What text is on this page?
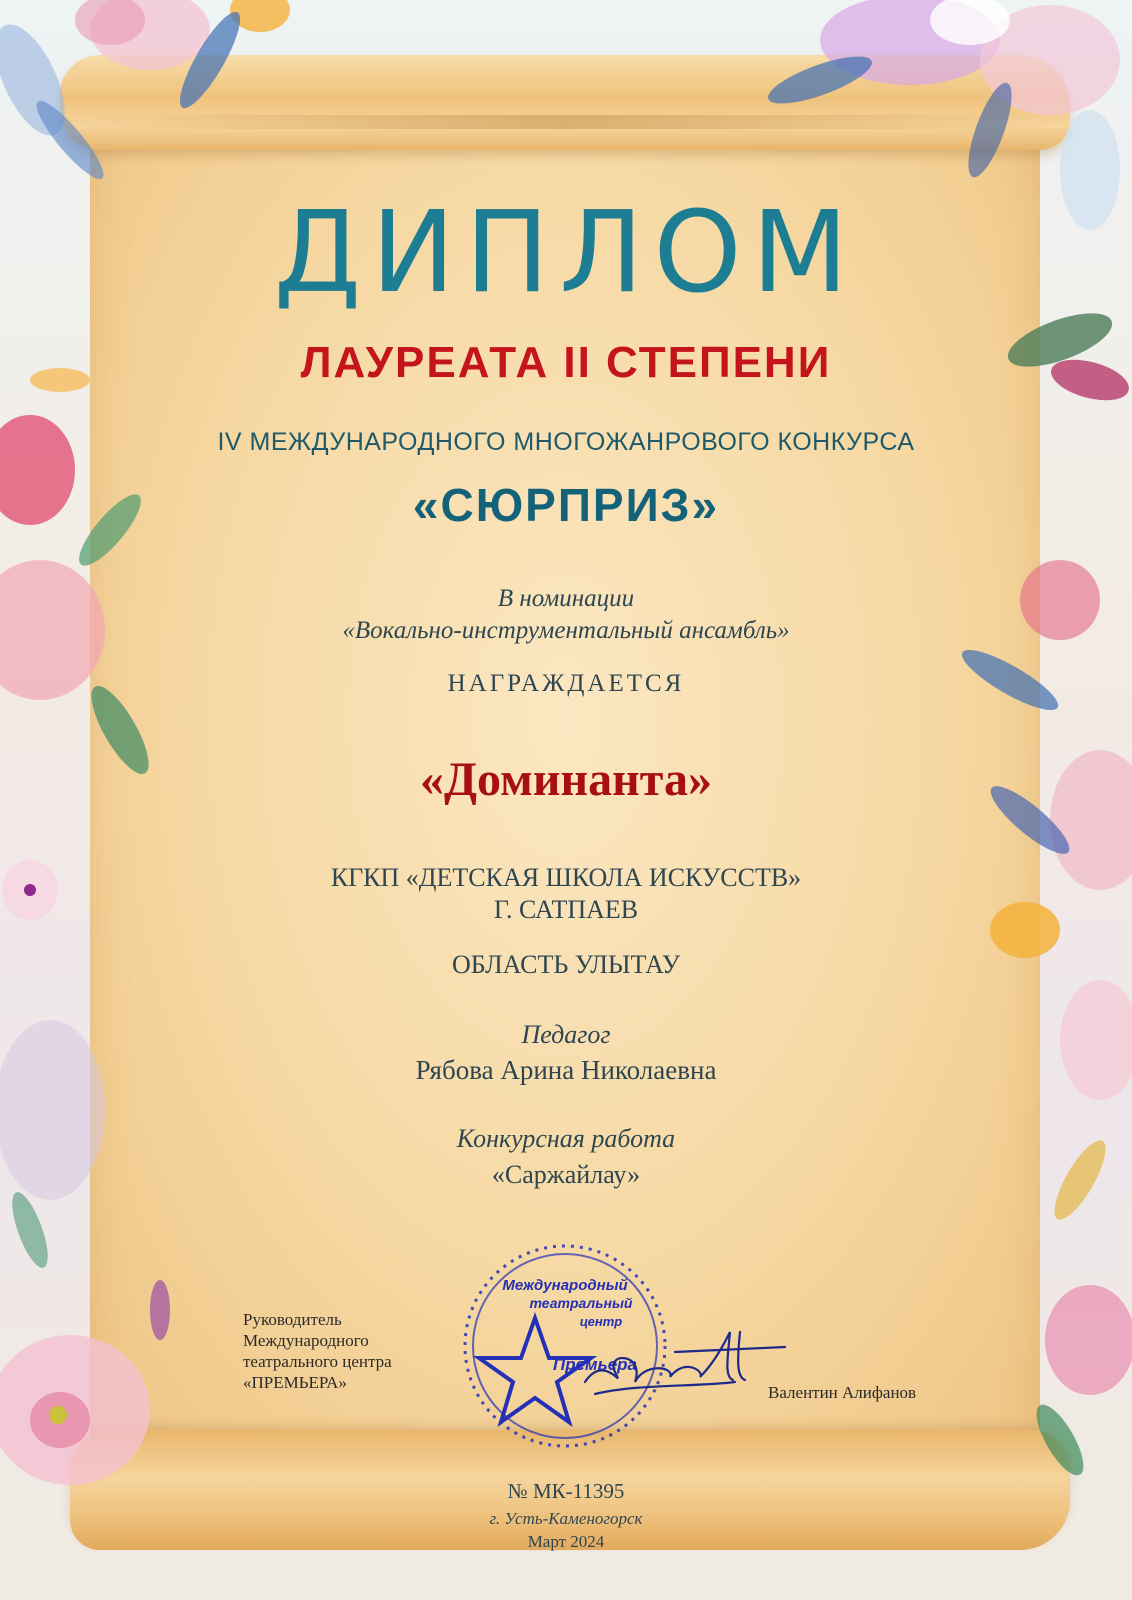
ДИПЛОМ
ЛАУРЕАТА II СТЕПЕНИ
IV МЕЖДУНАРОДНОГО МНОГОЖАНРОВОГО КОНКУРСА
«СЮРПРИЗ»
В номинации
«Вокально-инструментальный ансамбль»
НАГРАЖДАЕТСЯ
«Доминанта»
КГКП «ДЕТСКАЯ ШКОЛА ИСКУССТВ»
Г. САТПАЕВ
ОБЛАСТЬ УЛЫТАУ
Педагог
Рябова Арина Николаевна
Конкурсная работа
«Саржайлау»
Руководитель
Международного
театрального центра
«ПРЕМЬЕРА»
Международный
театральный
центр
Премьера
Валентин Алифанов
№ МК-11395
г. Усть-Каменогорск
Март 2024
